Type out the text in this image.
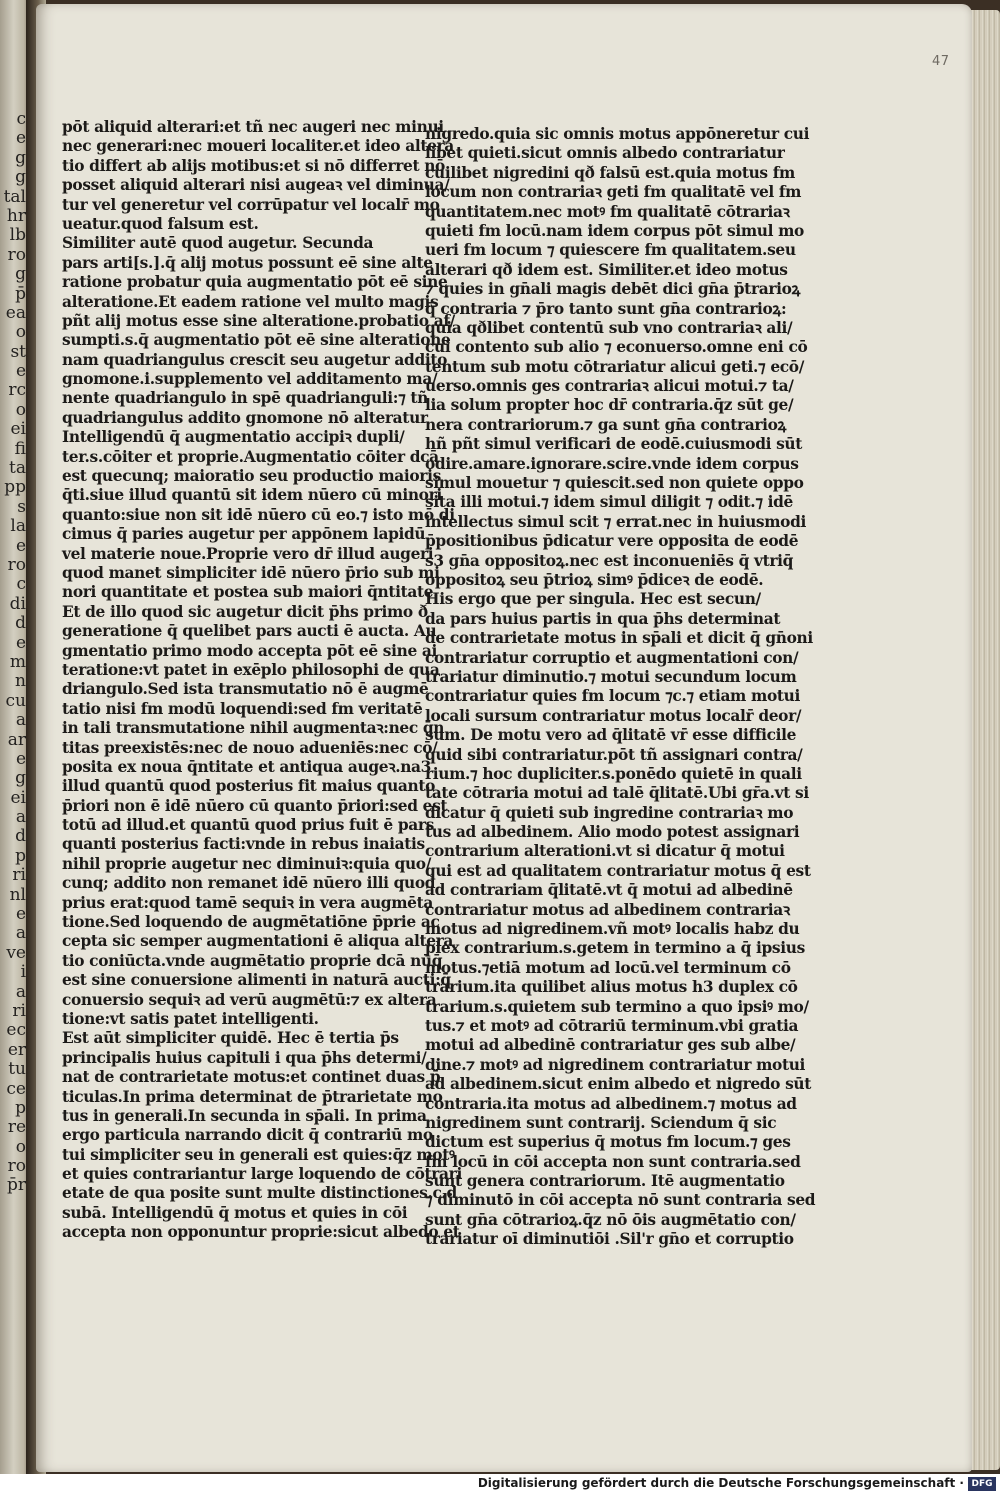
c
e
g
g
tal
hr
lb
ro
g
p̄
ea
o
st
e
rc
o
ei
fi
ta
pp
s
la
e
ro
c
di
d
e
m
n
cu
a
ar
e
g
ei
a
d
p
ri
nl
e
a
ve
i
a
ri
ec
er
tu
ce
p
re
o
ro
p̄r
47
pōt aliquid alterari:et tñ nec augeri nec minui
nec generari:nec moueri localiter.et ideo altera
tio differt ab alijs motibus:et si nō differret nō
posset aliquid alterari nisi augeaꝛ vel diminua/
tur vel generetur vel corrūpatur vel localr̄ mo
ueatur.quod falsum est.
Similiter autē quod augetur. Secunda
pars arti[s.].q̄ alij motus possunt eē sine alte
ratione probatur quia augmentatio pōt eē sine
alteratione.Et eadem ratione vel multo magis
pñt alij motus esse sine alteratione.probatio af/
sumpti.s.q̄ augmentatio pōt eē sine alteratione
nam quadriangulus crescit seu augetur addito
gnomone.i.supplemento vel additamento ma/
nente quadriangulo in spē quadrianguli:⁊ tñ
quadriangulus addito gnomone nō alteratur
Intelligendū q̄ augmentatio accipiꝛ dupli/
ter.s.cōiter et proprie.Augmentatio cōiter dcā
est quecunq; maioratio seu productio maioris
q̄ti.siue illud quantū sit idem nūero cū minori
quanto:siue non sit idē nūero cū eo.⁊ isto mō di
cimus q̄ paries augetur per appōnem lapidū
vel materie noue.Proprie vero dr̄ illud augeri
quod manet simpliciter idē nūero p̄rio sub mi
nori quantitate et postea sub maiori q̄ntitate.
Et de illo quod sic augetur dicit p̄hs primo ð
generatione q̄ quelibet pars aucti ē aucta. Au
gmentatio primo modo accepta pōt eē sine ai
teratione:vt patet in exēplo philosophi de qua
driangulo.Sed ista transmutatio nō ē augmē
tatio nisi fm modū loquendi:sed fm veritatē
in tali transmutatione nihil augmentaꝛ:nec q̄n
titas preexistēs:nec de nouo adueniēs:nec cō/
posita ex noua q̄ntitate et antiqua augeꝛ.na3
illud quantū quod posterius fit maius quanto
p̄riori non ē idē nūero cū quanto p̄riori:sed est
totū ad illud.et quantū quod prius fuit ē pars
quanti posterius facti:vnde in rebus inaiatis
nihil proprie augetur nec diminuiꝛ:quia quo/
cunq; addito non remanet idē nūero illi quod
prius erat:quod tamē sequiꝛ in vera augmēta
tione.Sed loquendo de augmētatiōne p̄prie ac
cepta sic semper augmentationi ē aliqua altera
tio coniūcta.vnde augmētatio proprie dcā nūq̄
est sine conuersione alimenti in naturā aucti:q̄
conuersio sequiꝛ ad verū augmētū:⁊ ex altera
tione:vt satis patet intelligenti.
Est aūt simpliciter quidē. Hec ē tertia p̄s
principalis huius capituli i qua p̄hs determi/
nat de contrarietate motus:et continet duas p̄
ticulas.In prima determinat de p̄trarietate mo
tus in generali.In secunda in sp̄ali. In prima
ergo particula narrando dicit q̄ contrariū mo
tui simpliciter seu in generali est quies:q̄z motꝰ
et quies contrariantur large loquendo de cōtrari
etate de qua posite sunt multe distinctiones.c.d
subā. Intelligendū q̄ motus et quies in cōi
accepta non opponuntur proprie:sicut albedo et
nigredo.quia sic omnis motus appōneretur cui
libet quieti.sicut omnis albedo contrariatur
cuilibet nigredini qð falsū est.quia motus fm
locum non contrariaꝛ geti fm qualitatē vel fm
quantitatem.nec motꝰ fm qualitatē cōtrariaꝛ
quieti fm locū.nam idem corpus pōt simul mo
ueri fm locum ⁊ quiescere fm qualitatem.seu
alterari qð idem est. Similiter.et ideo motus
⁊ quies in gn̄ali magis debēt dici gn̄a p̄trarioꝝ
q̄ contraria ⁊ p̄ro tanto sunt gn̄a contrarioꝝ:
quia qðlibet contentū sub vno contrariaꝛ ali/
cui contento sub alio ⁊ econuerso.omne eni cō
tentum sub motu cōtrariatur alicui geti.⁊ ecō/
uerso.omnis ges contrariaꝛ alicui motui.⁊ ta/
lia solum propter hoc dr̄ contraria.q̄z sūt ge/
nera contrariorum.⁊ ga sunt gn̄a contrarioꝝ
hñ pñt simul verificari de eodē.cuiusmodi sūt
odire.amare.ignorare.scire.vnde idem corpus
simul mouetur ⁊ quiescit.sed non quiete oppo
sita illi motui.⁊ idem simul diligit ⁊ odit.⁊ idē
intellectus simul scit ⁊ errat.nec in huiusmodi
p̄positionibus p̄dicatur vere opposita de eodē
s3 gn̄a oppositoꝝ.nec est inconueniēs q̄ vtriq̄
oppositoꝝ seu p̄trioꝝ simꝰ p̄diceꝛ de eodē.
His ergo que per singula. Hec est secun/
da pars huius partis in qua p̄hs determinat
de contrarietate motus in sp̄ali et dicit q̄ gn̄oni
contrariatur corruptio et augmentationi con/
trariatur diminutio.⁊ motui secundum locum
contrariatur quies fm locum ⁊c.⁊ etiam motui
locali sursum contrariatur motus localr̄ deor/
sum. De motu vero ad q̄litatē vr̄ esse difficile
quid sibi contrariatur.pōt tñ assignari contra/
rium.⁊ hoc dupliciter.s.ponēdo quietē in quali
tate cōtraria motui ad talē q̄litatē.Ubi gr̄a.vt si
dicatur q̄ quieti sub ingredine contrariaꝛ mo
tus ad albedinem. Alio modo potest assignari
contrarium alterationi.vt si dicatur q̄ motui
qui est ad qualitatem contrariatur motus q̄ est
ad contrariam q̄litatē.vt q̄ motui ad albedinē
contrariatur motus ad albedinem contrariaꝛ
motus ad nigredinem.vñ motꝰ localis habz du
plex contrarium.s.getem in termino a q̄ ipsius
motus.⁊etiā motum ad locū.vel terminum cō
trarium.ita quilibet alius motus h3 duplex cō
trarium.s.quietem sub termino a quo ipsiꝰ mo/
tus.⁊ et motꝰ ad cōtrariū terminum.vbi gratia
motui ad albedinē contrariatur ges sub albe/
dine.⁊ motꝰ ad nigredinem contrariatur motui
ad albedinem.sicut enim albedo et nigredo sūt
contraria.ita motus ad albedinem.⁊ motus ad
nigredinem sunt contrarij. Sciendum q̄ sic
dictum est superius q̄ motus fm locum.⁊ ges
fm locū in cōi accepta non sunt contraria.sed
sunt genera contrariorum. Itē augmentatio
⁊ diminutō in cōi accepta nō sunt contraria sed
sunt gn̄a cōtrarioꝝ.q̄z nō ōis augmētatio con/
trariatur oī diminutiōi .Sil'r gn̄o et corruptio
Digitalisierung gefördert durch die Deutsche Forschungsgemeinschaft · DFG
